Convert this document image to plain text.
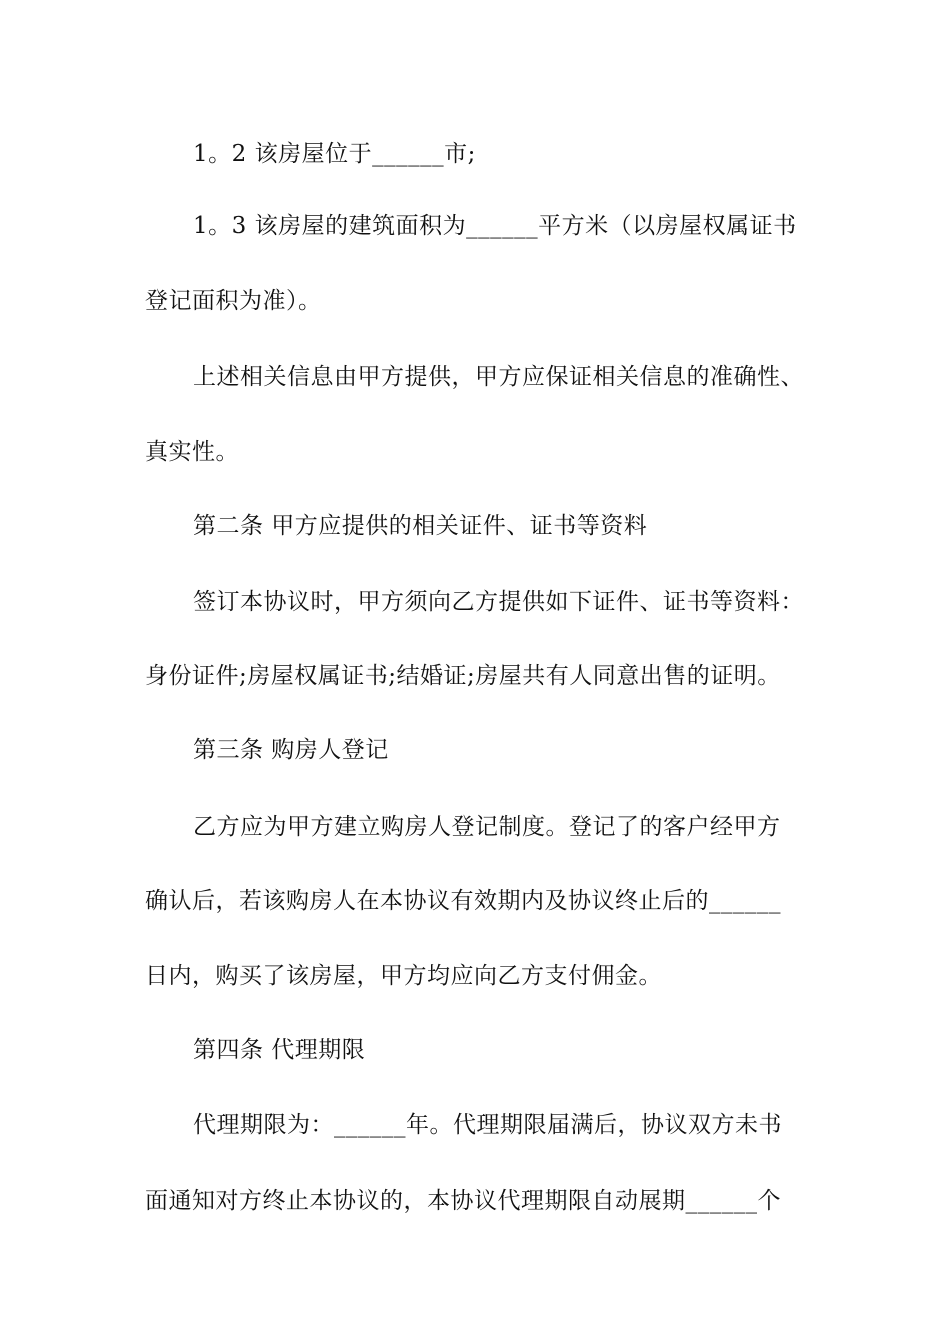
1。2 该房屋位于______市;
1。3 该房屋的建筑面积为______平方米（以房屋权属证书
登记面积为准）。
上述相关信息由甲方提供，甲方应保证相关信息的准确性、
真实性。
第二条 甲方应提供的相关证件、证书等资料
签订本协议时，甲方须向乙方提供如下证件、证书等资料：
身份证件;房屋权属证书;结婚证;房屋共有人同意出售的证明。
第三条 购房人登记
乙方应为甲方建立购房人登记制度。登记了的客户经甲方
确认后，若该购房人在本协议有效期内及协议终止后的______
日内，购买了该房屋，甲方均应向乙方支付佣金。
第四条 代理期限
代理期限为：______年。代理期限届满后，协议双方未书
面通知对方终止本协议的，本协议代理期限自动展期______个
